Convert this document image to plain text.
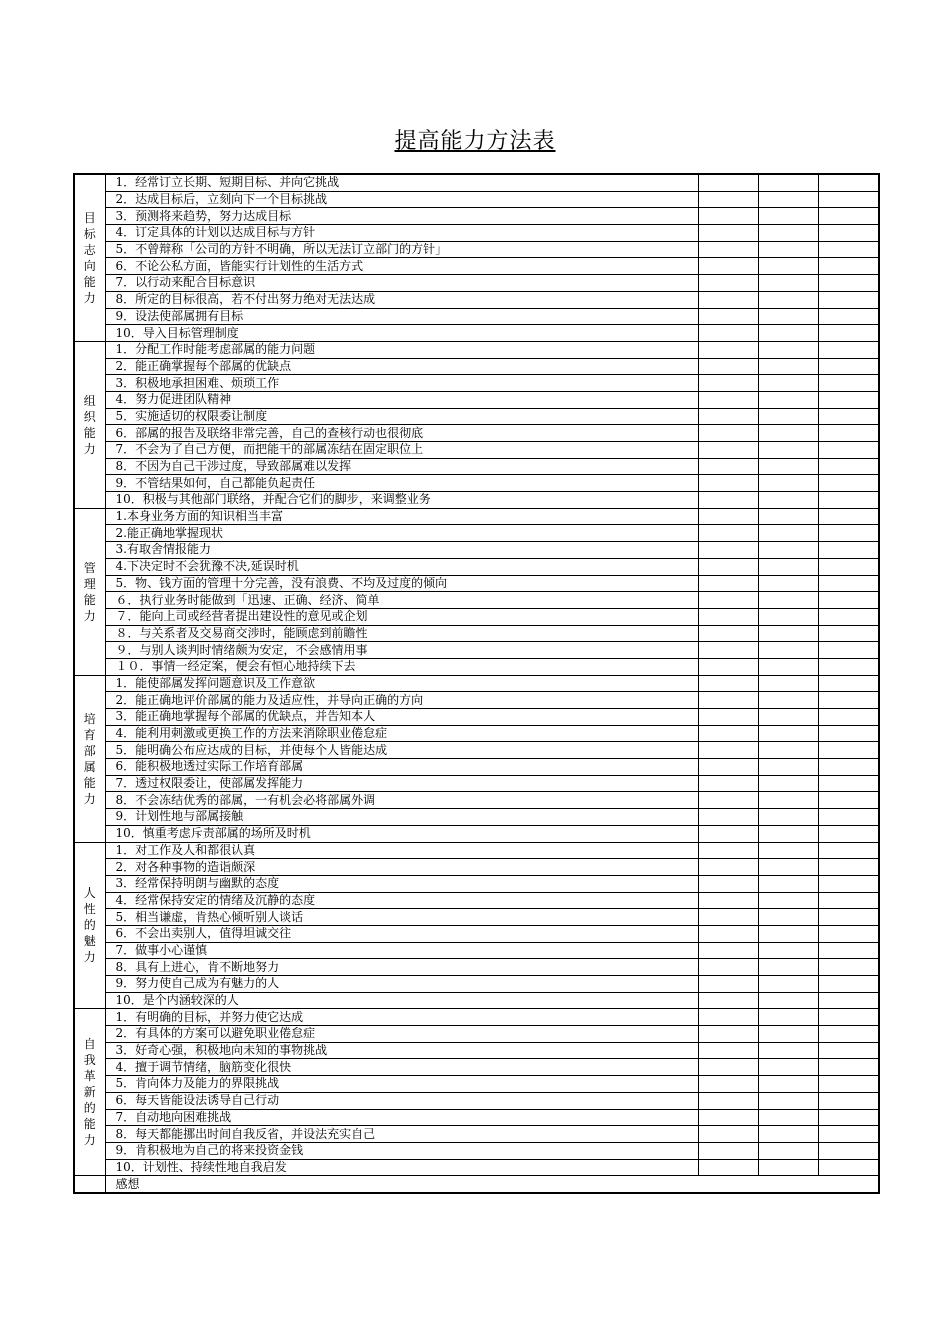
提高能力方法表
目标志向能力	1．经常订立长期、短期目标、并向它挑战			
	2．达成目标后，立刻向下一个目标挑战			
	3．预测将来趋势，努力达成目标			
	4．订定具体的计划以达成目标与方针			
	5．不曾辩称「公司的方针不明确，所以无法订立部门的方针」			
	6．不论公私方面，皆能实行计划性的生活方式			
	7．以行动来配合目标意识			
	8．所定的目标很高，若不付出努力绝对无法达成			
	9．设法使部属拥有目标			
	10．导入目标管理制度			
组织能力	1．分配工作时能考虑部属的能力问题			
	2．能正确掌握每个部属的优缺点			
	3．积极地承担困难、烦琐工作			
	4．努力促进团队精神			
	5．实施适切的权限委让制度			
	6．部属的报告及联络非常完善，自己的查核行动也很彻底			
	7．不会为了自己方便，而把能干的部属冻结在固定职位上			
	8．不因为自己干涉过度，导致部属难以发挥			
	9．不管结果如何，自己都能负起责任			
	10．积极与其他部门联络，并配合它们的脚步，来调整业务			
管理能力	1.本身业务方面的知识相当丰富			
	2.能正确地掌握现状			
	3.有取舍情报能力			
	4.下决定时不会犹豫不决,延误时机			
	5．物、钱方面的管理十分完善，没有浪费、不均及过度的倾向			
	６．执行业务时能做到「迅速、正确、经济、简单			
	７．能向上司或经营者提出建设性的意见或企划			
	８．与关系者及交易商交涉时，能顾虑到前瞻性			
	９．与别人谈判时情绪颇为安定，不会感情用事			
	１０．事情一经定案，便会有恒心地持续下去			
培育部属能力	1．能使部属发挥问题意识及工作意欲			
	2．能正确地评价部属的能力及适应性，并导向正确的方向			
	3．能正确地掌握每个部属的优缺点，并告知本人			
	4．能利用刺激或更换工作的方法来消除职业倦怠症			
	5．能明确公布应达成的目标，并使每个人皆能达成			
	6．能积极地透过实际工作培育部属			
	7．透过权限委让，使部属发挥能力			
	8．不会冻结优秀的部属，一有机会必将部属外调			
	9．计划性地与部属接触			
	10．慎重考虑斥责部属的场所及时机			
人性的魅力	1．对工作及人和都很认真			
	2．对各种事物的造诣颇深			
	3．经常保持明朗与幽默的态度			
	4．经常保持安定的情绪及沉静的态度			
	5．相当谦虚，肯热心倾听别人谈话			
	6．不会出卖别人，值得坦诚交往			
	7．做事小心谨慎			
	8．具有上进心，肯不断地努力			
	9．努力使自己成为有魅力的人			
	10．是个内涵较深的人			
自我革新的能力	1．有明确的目标，并努力使它达成			
	2．有具体的方案可以避免职业倦怠症			
	3．好奇心强，积极地向未知的事物挑战			
	4．擅于调节情绪，脑筋变化很快			
	5．肯向体力及能力的界限挑战			
	6．每天皆能设法诱导自己行动			
	7．自动地向困难挑战			
	8．每天都能挪出时间自我反省，并设法充实自己			
	9．肯积极地为自己的将来投资金钱			
	10．计划性、持续性地自我启发			
	感想			
